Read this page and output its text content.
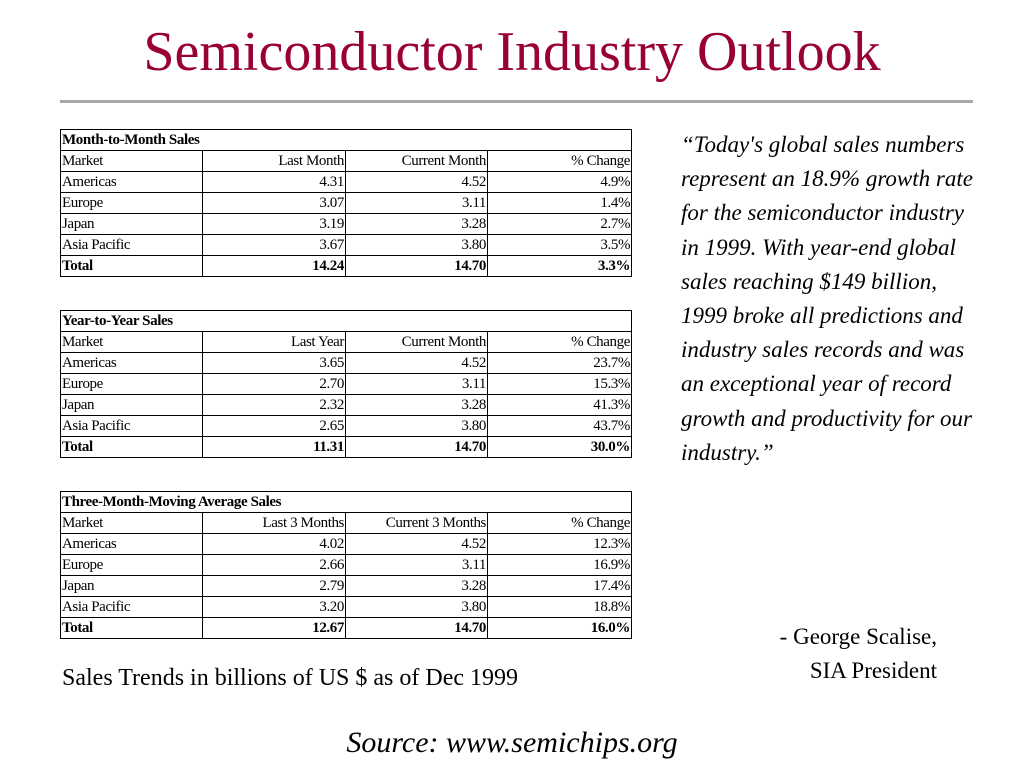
Semiconductor Industry Outlook
Month-to-Month Sales			
Market	Last Month	Current Month	% Change
Americas	4.31	4.52	4.9%
Europe	3.07	3.11	1.4%
Japan	3.19	3.28	2.7%
Asia Pacific	3.67	3.80	3.5%
Total	14.24	14.70	3.3%
Year-to-Year Sales			
Market	Last Year	Current Month	% Change
Americas	3.65	4.52	23.7%
Europe	2.70	3.11	15.3%
Japan	2.32	3.28	41.3%
Asia Pacific	2.65	3.80	43.7%
Total	11.31	14.70	30.0%
Three-Month-Moving Average Sales			
Market	Last 3 Months	Current 3 Months	% Change
Americas	4.02	4.52	12.3%
Europe	2.66	3.11	16.9%
Japan	2.79	3.28	17.4%
Asia Pacific	3.20	3.80	18.8%
Total	12.67	14.70	16.0%
Sales Trends in billions of US $ as of Dec 1999
“Today's global sales numbers represent an 18.9% growth rate for the semiconductor industry in 1999. With year-end global sales reaching $149 billion, 1999 broke all predictions and industry sales records and was an exceptional year of record growth and productivity for our industry.”
- George Scalise,
SIA President
Source: www.semichips.org
